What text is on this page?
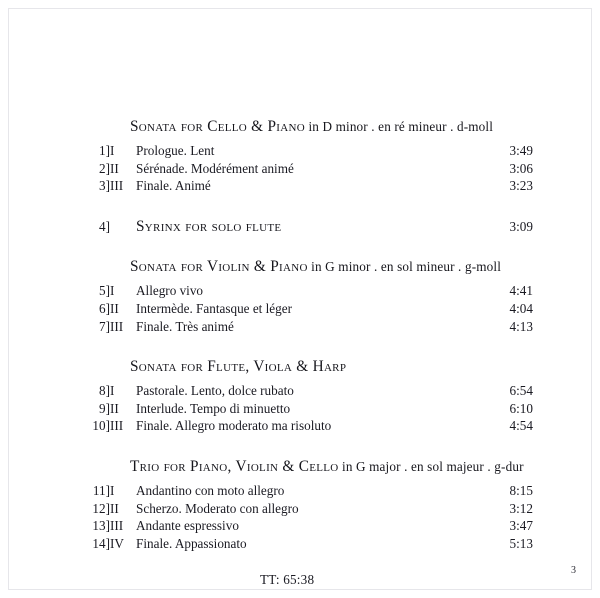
Sonata for Cello & Piano in D minor . en ré mineur . d-moll
1]	I	Prologue. Lent	3:49
2]	II	Sérénade. Modérément animé	3:06
3]	III	Finale. Animé	3:23
4]		Syrinx for solo flute	3:09
Sonata for Violin & Piano in G minor . en sol mineur . g-moll
5]	I	Allegro vivo	4:41
6]	II	Intermède. Fantasque et léger	4:04
7]	III	Finale. Très animé	4:13
Sonata for Flute, Viola & Harp
8]	I	Pastorale. Lento, dolce rubato	6:54
9]	II	Interlude. Tempo di minuetto	6:10
10]	III	Finale. Allegro moderato ma risoluto	4:54
Trio for Piano, Violin & Cello in G major . en sol majeur . g-dur
11]	I	Andantino con moto allegro	8:15
12]	II	Scherzo. Moderato con allegro	3:12
13]	III	Andante espressivo	3:47
14]	IV	Finale. Appassionato	5:13
TT: 65:38
3
